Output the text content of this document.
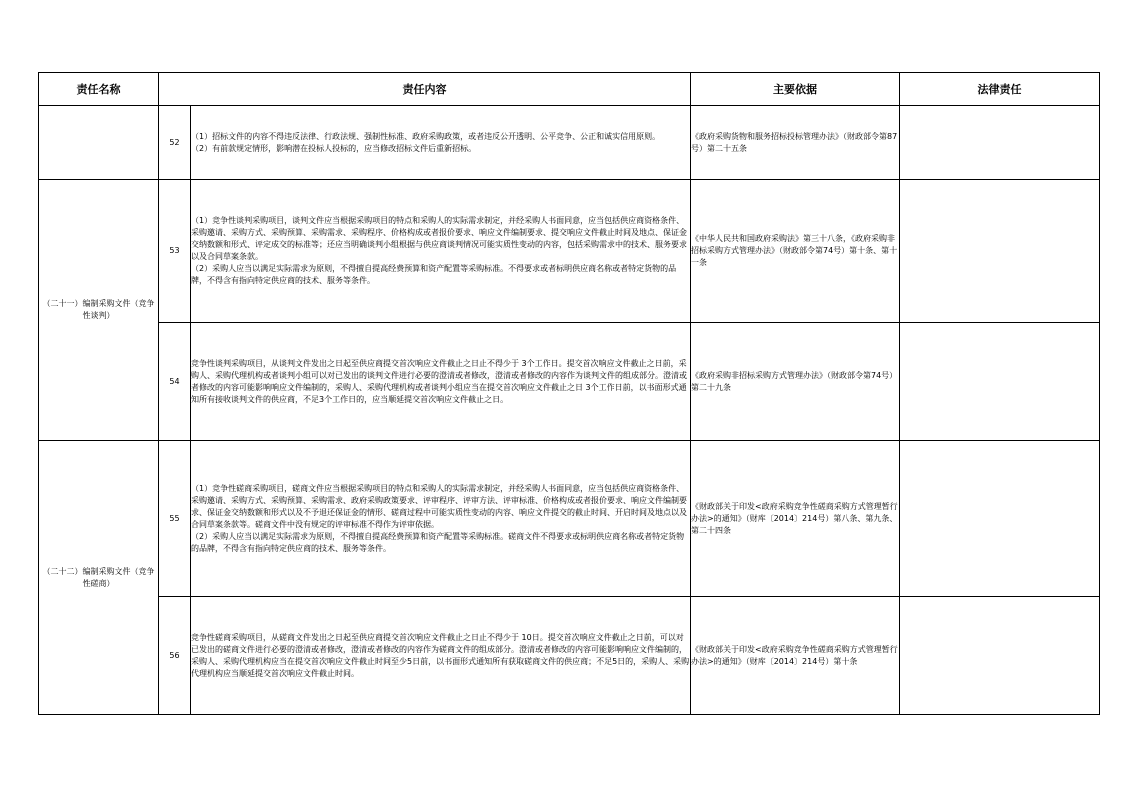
责任名称	责任内容		主要依据	法律责任
	52	（1）招标文件的内容不得违反法律、行政法规、强制性标准、政府采购政策，或者违反公开透明、公平竞争、公正和诚实信用原则。
（2）有前款规定情形，影响潜在投标人投标的，应当修改招标文件后重新招标。	《政府采购货物和服务招标投标管理办法》（财政部令第87号）第二十五条	

（二十一）编制采购文件（竞争性谈判）	53	（1）竞争性谈判采购项目，谈判文件应当根据采购项目的特点和采购人的实际需求制定，并经采购人书面同意，应当包括供应商资格条件、采购邀请、采购方式、采购预算、采购需求、采购程序、价格构成或者报价要求、响应文件编制要求、提交响应文件截止时间及地点、保证金交纳数额和形式、评定成交的标准等；还应当明确谈判小组根据与供应商谈判情况可能实质性变动的内容，包括采购需求中的技术、服务要求以及合同草案条款。
（2）采购人应当以满足实际需求为原则，不得擅自提高经费预算和资产配置等采购标准。不得要求或者标明供应商名称或者特定货物的品牌，不得含有指向特定供应商的技术、服务等条件。	《中华人民共和国政府采购法》第三十八条，《政府采购非招标采购方式管理办法》（财政部令第74号）第十条、第十一条	

	54	竞争性谈判采购项目，从谈判文件发出之日起至供应商提交首次响应文件截止之日止不得少于 3个工作日。提交首次响应文件截止之日前，采购人、采购代理机构或者谈判小组可以对已发出的谈判文件进行必要的澄清或者修改，澄清或者修改的内容作为谈判文件的组成部分。澄清或者修改的内容可能影响响应文件编制的，采购人、采购代理机构或者谈判小组应当在提交首次响应文件截止之日 3个工作日前，以书面形式通知所有接收谈判文件的供应商，不足3个工作日的，应当顺延提交首次响应文件截止之日。	《政府采购非招标采购方式管理办法》（财政部令第74号）第二十九条	

（二十二）编制采购文件（竞争性磋商）	55	（1）竞争性磋商采购项目，磋商文件应当根据采购项目的特点和采购人的实际需求制定，并经采购人书面同意，应当包括供应商资格条件、采购邀请、采购方式、采购预算、采购需求、政府采购政策要求、评审程序、评审方法、评审标准、价格构成或者报价要求、响应文件编制要求、保证金交纳数额和形式以及不予退还保证金的情形、磋商过程中可能实质性变动的内容、响应文件提交的截止时间、开启时间及地点以及合同草案条款等。磋商文件中没有规定的评审标准不得作为评审依据。
（2）采购人应当以满足实际需求为原则，不得擅自提高经费预算和资产配置等采购标准。磋商文件不得要求或标明供应商名称或者特定货物的品牌，不得含有指向特定供应商的技术、服务等条件。	《财政部关于印发<政府采购竞争性磋商采购方式管理暂行办法>的通知》（财库〔2014〕214号）第八条、第九条、第二十四条	

	56	竞争性磋商采购项目，从磋商文件发出之日起至供应商提交首次响应文件截止之日止不得少于 10日。提交首次响应文件截止之日前，可以对已发出的磋商文件进行必要的澄清或者修改，澄清或者修改的内容作为磋商文件的组成部分。澄清或者修改的内容可能影响响应文件编制的，采购人、采购代理机构应当在提交首次响应文件截止时间至少5日前，以书面形式通知所有获取磋商文件的供应商；不足5日的，采购人、采购代理机构应当顺延提交首次响应文件截止时间。	《财政部关于印发<政府采购竞争性磋商采购方式管理暂行办法>的通知》（财库〔2014〕214号）第十条	
